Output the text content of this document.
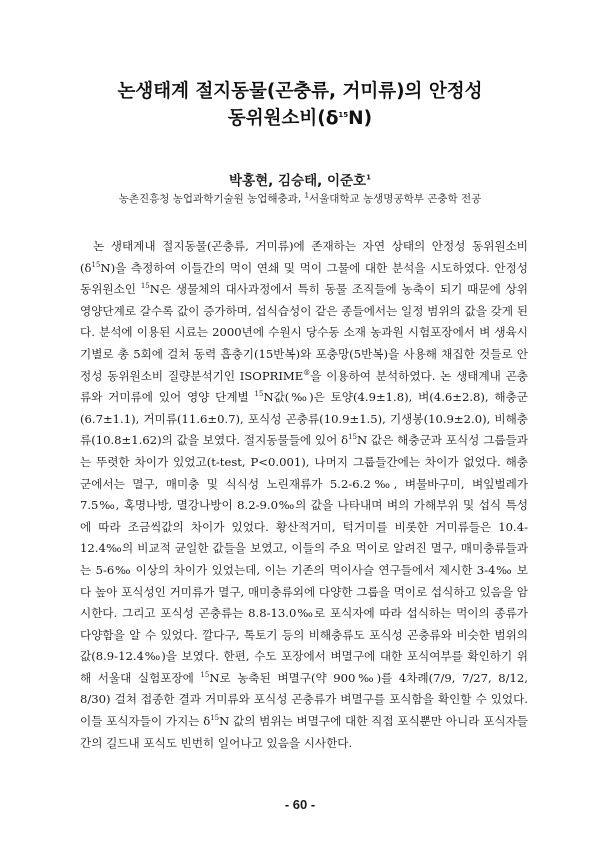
논생태계 절지동물(곤충류, 거미류)의 안정성
동위원소비$(\delta^{15}N)$
박홍현, 김승태, 이준호$^1$
농촌진흥청 농업과학기술원 농업해충과, $^1$서울대학교 농생명공학부 곤충학 전공

논 생태계내 절지동물(곤충류, 거미류)에 존재하는 자연 상태의 안정성 동위원소비$(\delta^{15}N)$을 측정하여 이들간의 먹이 연쇄 및 먹이 그물에 대한 분석을 시도하였다. 안정성 동위원소인 $^{15}$N은 생물체의 대사과정에서 특히 동물 조직들에 농축이 되기 때문에 상위 영양단계로 갈수록 값이 증가하며, 섭식습성이 같은 종들에서는 일정 범위의 값을 갖게 된다. 분석에 이용된 시료는 2000년에 수원시 당수동 소재 농과원 시험포장에서 벼 생육시기별로 총 5회에 걸쳐 동력 흡충기(15반복)와 포충망(5반복)을 사용해 채집한 것들로 안정성 동위원소비 질량분석기인 ISOPRIME®을 이용하여 분석하였다. 논 생태계내 곤충류와 거미류에 있어 영양 단계별 $^{15}$N값(‰)은 토양(4.9±1.8), 벼(4.6±2.8), 해충군(6.7±1.1), 거미류(11.6±0.7), 포식성 곤충류(10.9±1.5), 기생봉(10.9±2.0), 비해충류(10.8±1.62)의 값을 보였다. 절지동물들에 있어 $\delta^{15}N$ 값은 해충군과 포식성 그룹들과는 뚜렷한 차이가 있었고(t-test, P<0.001), 나머지 그룹들간에는 차이가 없었다. 해충군에서는 멸구, 매미충 및 식식성 노린재류가 5.2-6.2‰, 벼물바구미, 벼잎벌레가 7.5‰, 혹명나방, 멸강나방이 8.2-9.0‰의 값을 나타내며 벼의 가해부위 및 섭식 특성에 따라 조금씩값의 차이가 있었다. 황산적거미, 턱거미를 비롯한 거미류들은 10.4-12.4‰의 비교적 균일한 값들을 보였고, 이들의 주요 먹이로 알려진 멸구, 매미충류들과는 5-6‰ 이상의 차이가 있었는데, 이는 기존의 먹이사슬 연구들에서 제시한 3-4‰ 보다 높아 포식성인 거미류가 멸구, 매미충류외에 다양한 그룹을 먹이로 섭식하고 있음을 암시한다. 그리고 포식성 곤충류는 8.8-13.0‰로 포식자에 따라 섭식하는 먹이의 종류가 다양함을 알 수 있었다. 깔다구, 톡토기 등의 비해충류도 포식성 곤충류와 비슷한 범위의 값(8.9-12.4‰)을 보였다. 한편, 수도 포장에서 벼멸구에 대한 포식여부를 확인하기 위해 서울대 실험포장에 $^{15}$N로 농축된 벼멸구(약 900‰)를 4차례(7/9, 7/27, 8/12, 8/30) 걸쳐 접종한 결과 거미류와 포식성 곤충류가 벼멸구를 포식함을 확인할 수 있었다. 이들 포식자들이 가지는 $\delta^{15}N$ 값의 범위는 벼멸구에 대한 직접 포식뿐만 아니라 포식자들간의 길드내 포식도 빈번히 일어나고 있음을 시사한다.

- 60 -
